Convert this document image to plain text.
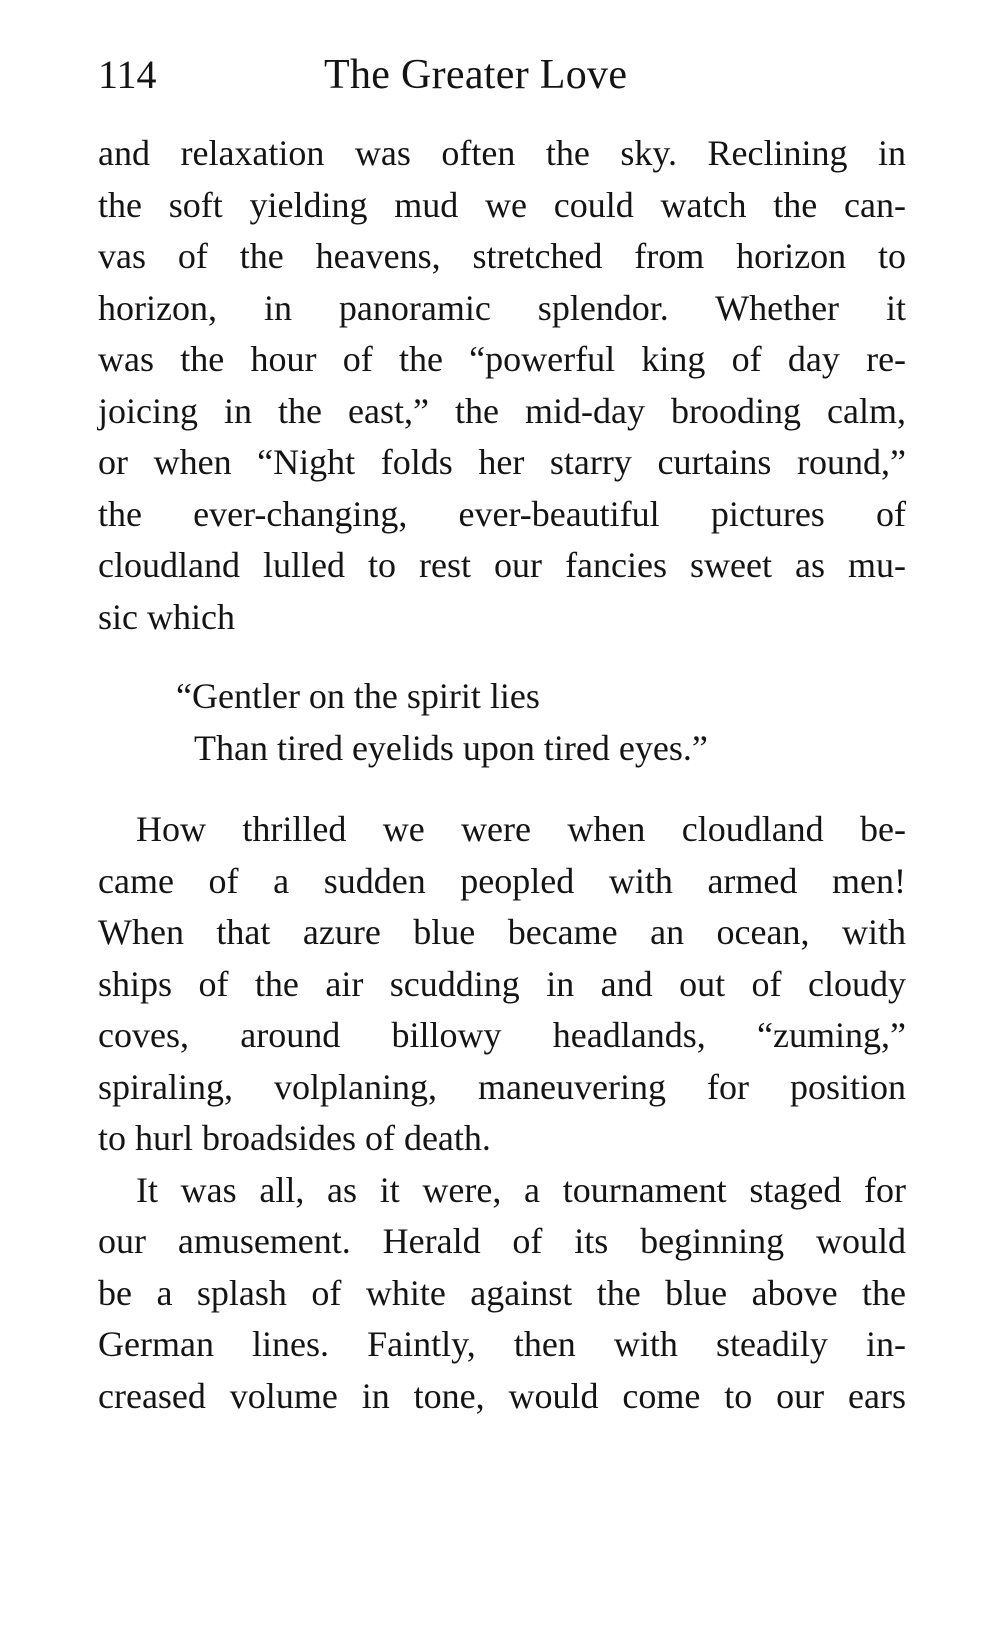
114	The Greater Love
and relaxation was often the sky. Reclining in
the soft yielding mud we could watch the can-
vas of the heavens, stretched from horizon to
horizon, in panoramic splendor. Whether it
was the hour of the “powerful king of day re-
joicing in the east,” the mid-day brooding calm,
or when “Night folds her starry curtains round,”
the ever-changing, ever-beautiful pictures of
cloudland lulled to rest our fancies sweet as mu-
sic which
“Gentler on the spirit lies
Than tired eyelids upon tired eyes.”
How thrilled we were when cloudland be-
came of a sudden peopled with armed men!
When that azure blue became an ocean, with
ships of the air scudding in and out of cloudy
coves, around billowy headlands, “zuming,”
spiraling, volplaning, maneuvering for position
to hurl broadsides of death.
It was all, as it were, a tournament staged for
our amusement. Herald of its beginning would
be a splash of white against the blue above the
German lines. Faintly, then with steadily in-
creased volume in tone, would come to our ears
